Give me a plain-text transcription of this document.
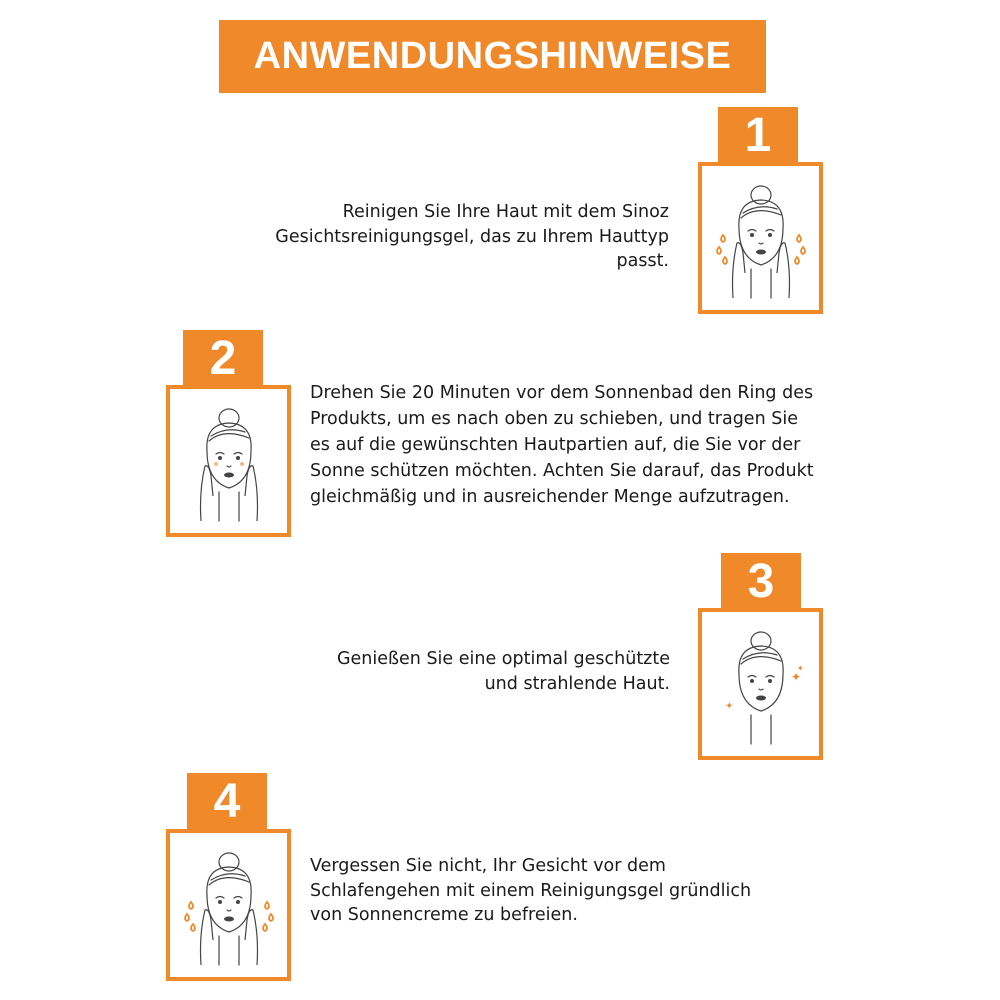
ANWENDUNGSHINWEISE
1
Reinigen Sie Ihre Haut mit dem Sinoz
Gesichtsreinigungsgel, das zu Ihrem Hauttyp
passt.
2
Drehen Sie 20 Minuten vor dem Sonnenbad den Ring des
Produkts, um es nach oben zu schieben, und tragen Sie
es auf die gewünschten Hautpartien auf, die Sie vor der
Sonne schützen möchten. Achten Sie darauf, das Produkt
gleichmäßig und in ausreichender Menge aufzutragen.
3
✦
✦
✦
Genießen Sie eine optimal geschützte
und strahlende Haut.
4
Vergessen Sie nicht, Ihr Gesicht vor dem
Schlafengehen mit einem Reinigungsgel gründlich
von Sonnencreme zu befreien.
